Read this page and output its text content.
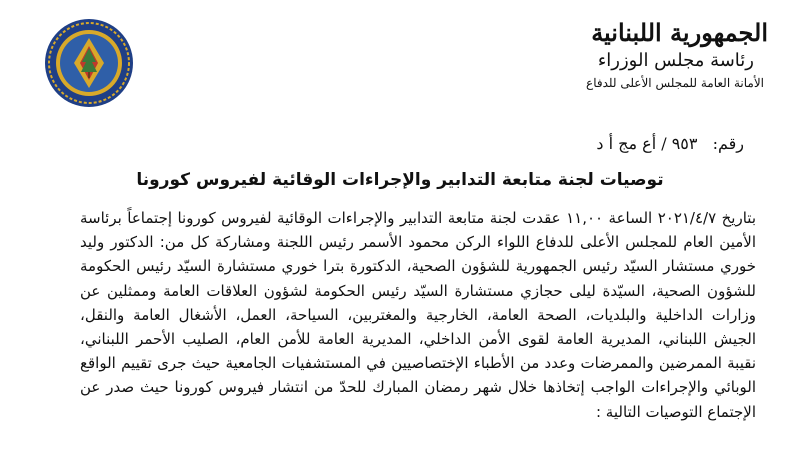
الجمهورية اللبنانية
رئاسة مجلس الوزراء
الأمانة العامة للمجلس الأعلى للدفاع
رقم: ٩٥٣ / أع مج أ د
توصيات لجنة متابعة التدابير والإجراءات الوقائية لفيروس كورونا

بتاريخ ٢٠٢١/٤/٧ الساعة ١١,٠٠ عقدت لجنة متابعة التدابير والإجراءات الوقائية لفيروس كورونا إجتماعاً برئاسة الأمين العام للمجلس الأعلى للدفاع اللواء الركن محمود الأسمر رئيس اللجنة ومشاركة كل من: الدكتور وليد خوري مستشار السيّد رئيس الجمهورية للشؤون الصحية، الدكتورة بترا خوري مستشارة السيّد رئيس الحكومة للشؤون الصحية، السيّدة ليلى حجازي مستشارة السيّد رئيس الحكومة لشؤون العلاقات العامة وممثلين عن وزارات الداخلية والبلديات، الصحة العامة، الخارجية والمغتربين، السياحة، العمل، الأشغال العامة والنقل، الجيش اللبناني، المديرية العامة لقوى الأمن الداخلي، المديرية العامة للأمن العام، الصليب الأحمر اللبناني، نقيبة الممرضين والممرضات وعدد من الأطباء الإختصاصيين في المستشفيات الجامعية حيث جرى تقييم الواقع الوبائي والإجراءات الواجب إتخاذها خلال شهر رمضان المبارك للحدّ من انتشار فيروس كورونا حيث صدر عن الإجتماع التوصيات التالية :
